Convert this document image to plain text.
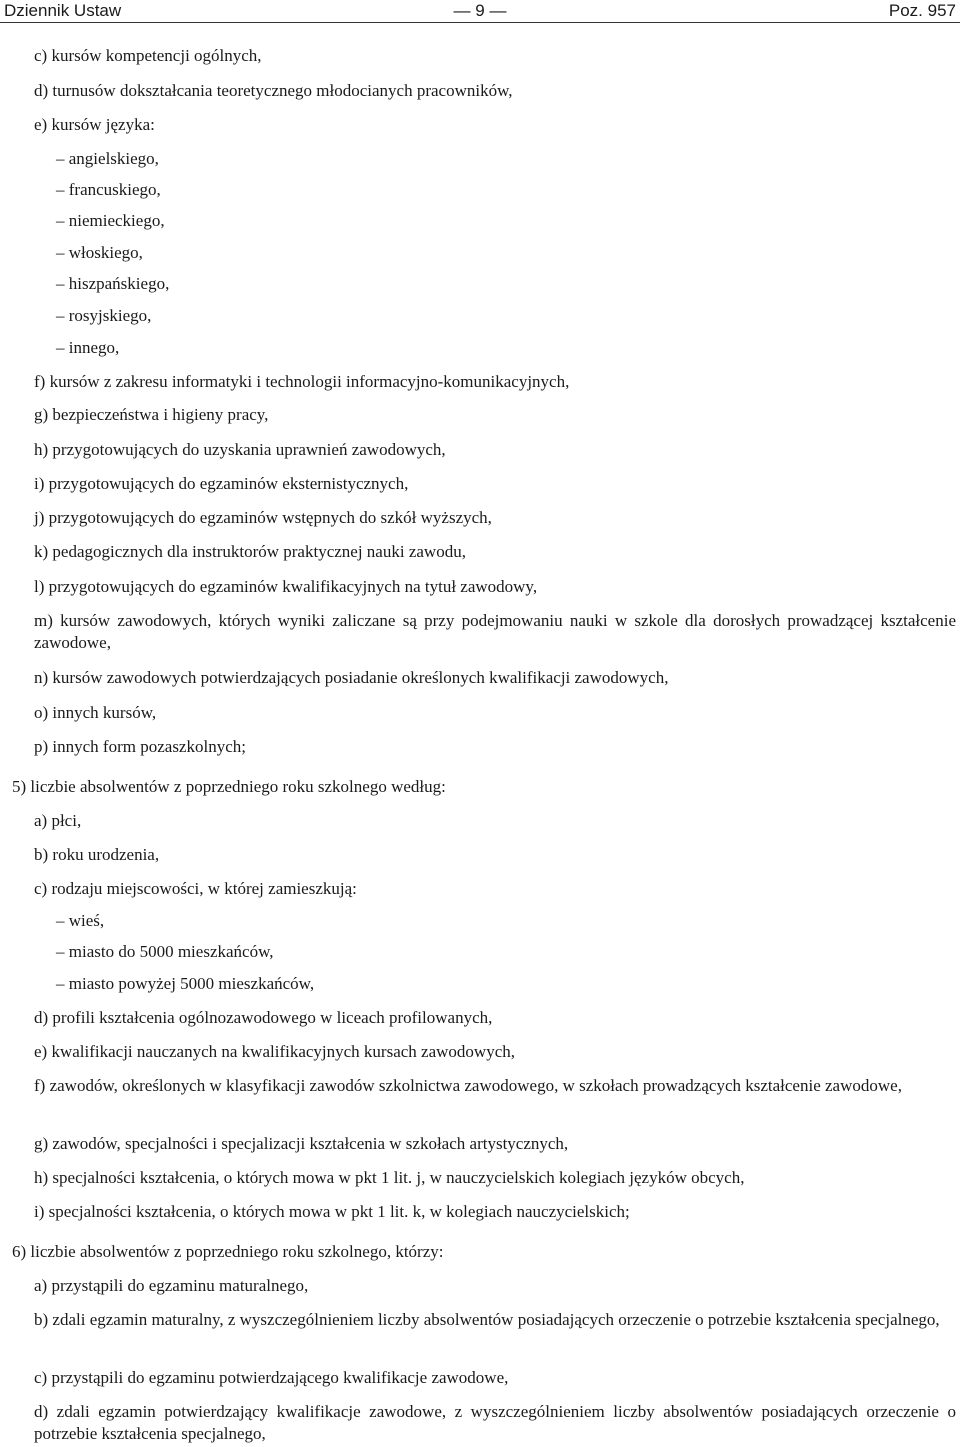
Dziennik Ustaw	— 9 —	Poz. 957
c) kursów kompetencji ogólnych,
d) turnusów dokształcania teoretycznego młodocianych pracowników,
e) kursów języka:
– angielskiego,
– francuskiego,
– niemieckiego,
– włoskiego,
– hiszpańskiego,
– rosyjskiego,
– innego,
f) kursów z zakresu informatyki i technologii informacyjno-komunikacyjnych,
g) bezpieczeństwa i higieny pracy,
h) przygotowujących do uzyskania uprawnień zawodowych,
i) przygotowujących do egzaminów eksternistycznych,
j) przygotowujących do egzaminów wstępnych do szkół wyższych,
k) pedagogicznych dla instruktorów praktycznej nauki zawodu,
l) przygotowujących do egzaminów kwalifikacyjnych na tytuł zawodowy,
m) kursów zawodowych, których wyniki zaliczane są przy podejmowaniu nauki w szkole dla dorosłych prowadzącej kształcenie zawodowe,
n) kursów zawodowych potwierdzających posiadanie określonych kwalifikacji zawodowych,
o) innych kursów,
p) innych form pozaszkolnych;
5) liczbie absolwentów z poprzedniego roku szkolnego według:
a) płci,
b) roku urodzenia,
c) rodzaju miejscowości, w której zamieszkują:
– wieś,
– miasto do 5000 mieszkańców,
– miasto powyżej 5000 mieszkańców,
d) profili kształcenia ogólnozawodowego w liceach profilowanych,
e) kwalifikacji nauczanych na kwalifikacyjnych kursach zawodowych,
f) zawodów, określonych w klasyfikacji zawodów szkolnictwa zawodowego, w szkołach prowadzących kształcenie zawodowe,
g) zawodów, specjalności i specjalizacji kształcenia w szkołach artystycznych,
h) specjalności kształcenia, o których mowa w pkt 1 lit. j, w nauczycielskich kolegiach języków obcych,
i) specjalności kształcenia, o których mowa w pkt 1 lit. k, w kolegiach nauczycielskich;
6) liczbie absolwentów z poprzedniego roku szkolnego, którzy:
a) przystąpili do egzaminu maturalnego,
b) zdali egzamin maturalny, z wyszczególnieniem liczby absolwentów posiadających orzeczenie o potrzebie kształcenia specjalnego,
c) przystąpili do egzaminu potwierdzającego kwalifikacje zawodowe,
d) zdali egzamin potwierdzający kwalifikacje zawodowe, z wyszczególnieniem liczby absolwentów posiadających orzeczenie o potrzebie kształcenia specjalnego,
